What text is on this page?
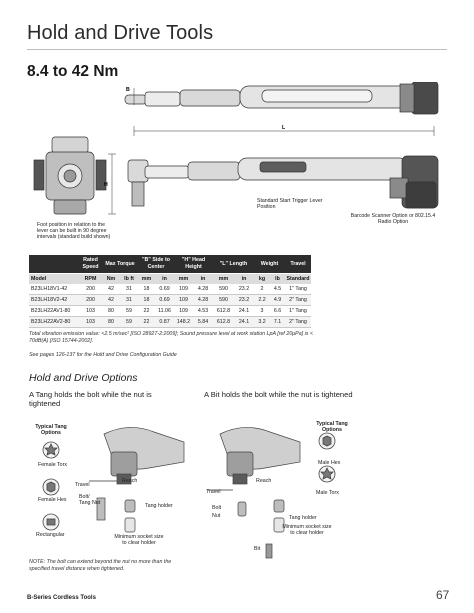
Hold and Drive Tools
8.4 to 42 Nm
B
L
H
Foot position in relation to the lever can be built in 90 degree intervals (standard build shown)
Standard Start Trigger Lever Position
Barcode Scanner Option or 802.15.4 Radio Option
	Rated Speed	Max Torque		"B" Side to Center		"H" Head Height		"L" Length		Weight		Travel
Model	RPM	Nm	lb ft	mm	in	mm	in	mm	in	kg	lb	Standard
B23LH18V1-42	200	42	31	18	0.69	109	4.28	590	23.2	2	4.5	1" Tang
B23LH18V2-42	200	42	31	18	0.69	109	4.28	590	23.2	2.2	4.9	2" Tang
B23LH22AV1-80	103	80	59	22	11.06	109	4.53	612.8	24.1	3	6.6	1" Tang
B23LH22AV2-80	103	80	59	22	0.87	148.2	5.84	612.8	24.1	3.2	7.1	2" Tang
Total vibration emission value: <2.5 m/sec² [ISO 28927-2:2009]; Sound pressure level at work station LpA [ref 20μPa] is < 70dB(A) [ISO 15744-2002].
See pages 126-137 for the Hold and Drive Configuration Guide
Hold and Drive Options
A Tang holds the bolt while the nut is tightened
Typical Tang Options
Female Torx
Female Hex
Rectangular
Reach
Travel
Bolt/ Tang Nut	Tang holder
Minimum socket size to clear holder
A Bit holds the bolt while the nut is tightened
Typical Tang Options
Male Hex
Male Torx
Reach
Travel
Bolt
Nut	Tang holder
Minimum socket size to clear holder
Bit
NOTE: The bolt can extend beyond the nut no more than the specified travel distance when tightened.
B-Series Cordless Tools	67
